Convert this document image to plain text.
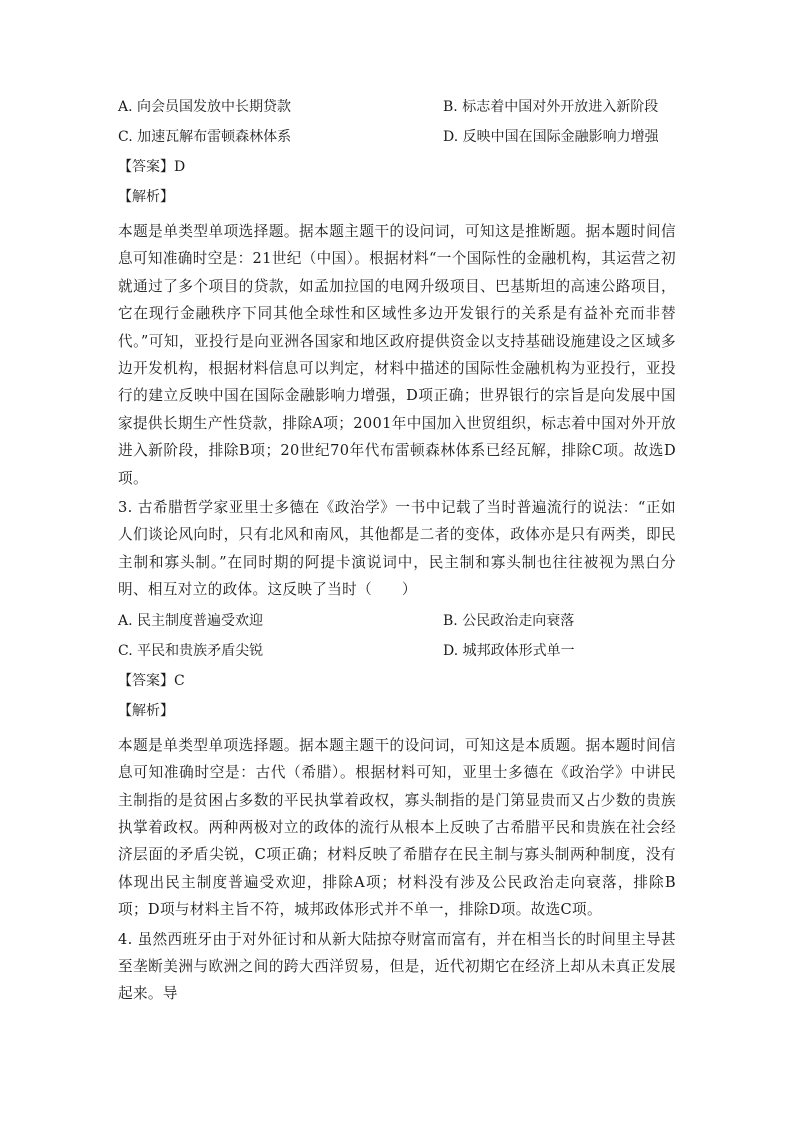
A. 向会员国发放中长期贷款	B. 标志着中国对外开放进入新阶段
C. 加速瓦解布雷顿森林体系	D. 反映中国在国际金融影响力增强
【答案】D
【解析】

本题是单类型单项选择题。据本题主题干的设问词，可知这是推断题。据本题时间信息可知准确时空是：21世纪（中国）。根据材料“一个国际性的金融机构，其运营之初就通过了多个项目的贷款，如孟加拉国的电网升级项目、巴基斯坦的高速公路项目，它在现行金融秩序下同其他全球性和区域性多边开发银行的关系是有益补充而非替代。”可知，亚投行是向亚洲各国家和地区政府提供资金以支持基础设施建设之区域多边开发机构，根据材料信息可以判定，材料中描述的国际性金融机构为亚投行，亚投行的建立反映中国在国际金融影响力增强，D项正确；世界银行的宗旨是向发展中国家提供长期生产性贷款，排除A项；2001年中国加入世贸组织，标志着中国对外开放进入新阶段，排除B项；20世纪70年代布雷顿森林体系已经瓦解，排除C项。故选D项。

3. 古希腊哲学家亚里士多德在《政治学》一书中记载了当时普遍流行的说法：“正如人们谈论风向时，只有北风和南风，其他都是二者的变体，政体亦是只有两类，即民主制和寡头制。”在同时期的阿提卡演说词中，民主制和寡头制也往往被视为黑白分明、相互对立的政体。这反映了当时（　　）

A. 民主制度普遍受欢迎	B. 公民政治走向衰落
C. 平民和贵族矛盾尖锐	D. 城邦政体形式单一
【答案】C
【解析】

本题是单类型单项选择题。据本题主题干的设问词，可知这是本质题。据本题时间信息可知准确时空是：古代（希腊）。根据材料可知，亚里士多德在《政治学》中讲民主制指的是贫困占多数的平民执掌着政权，寡头制指的是门第显贵而又占少数的贵族执掌着政权。两种两极对立的政体的流行从根本上反映了古希腊平民和贵族在社会经济层面的矛盾尖锐，C项正确；材料反映了希腊存在民主制与寡头制两种制度，没有体现出民主制度普遍受欢迎，排除A项；材料没有涉及公民政治走向衰落，排除B项；D项与材料主旨不符，城邦政体形式并不单一，排除D项。故选C项。

4. 虽然西班牙由于对外征讨和从新大陆掠夺财富而富有，并在相当长的时间里主导甚至垄断美洲与欧洲之间的跨大西洋贸易，但是，近代初期它在经济上却从未真正发展起来。导
